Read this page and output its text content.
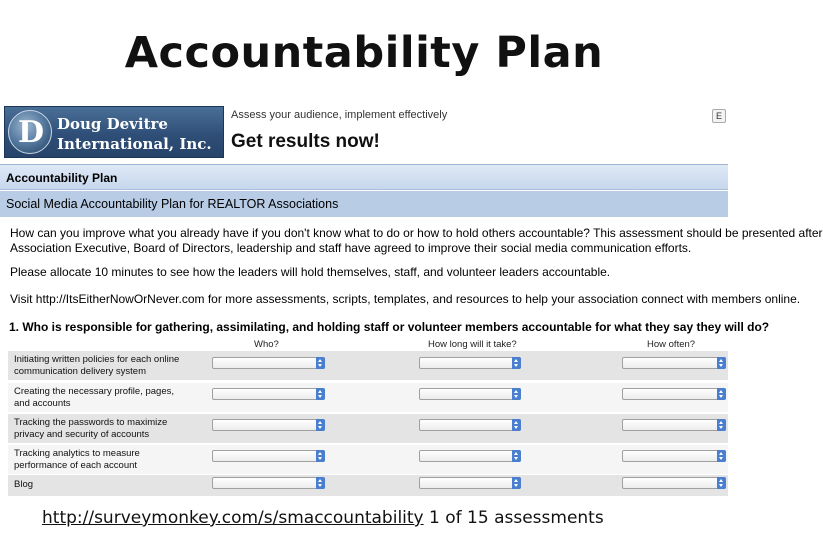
Accountability Plan
D Doug Devitre
International, Inc.
Assess your audience, implement effectively
Get results now!
E
Accountability Plan
Social Media Accountability Plan for REALTOR Associations
How can you improve what you already have if you don't know what to do or how to hold others accountable? This assessment should be presented after
Association Executive, Board of Directors, leadership and staff have agreed to improve their social media communication efforts.
Please allocate 10 minutes to see how the leaders will hold themselves, staff, and volunteer leaders accountable.
Visit http://ItsEitherNowOrNever.com for more assessments, scripts, templates, and resources to help your association connect with members online.
1. Who is responsible for gathering, assimilating, and holding staff or volunteer members accountable for what they say they will do?
Who?	How long will it take?	How often?
Initiating written policies for each online
communication delivery system
Creating the necessary profile, pages,
and accounts
Tracking the passwords to maximize
privacy and security of accounts
Tracking analytics to measure
performance of each account
Blog
http://surveymonkey.com/s/smaccountability 1 of 15 assessments
